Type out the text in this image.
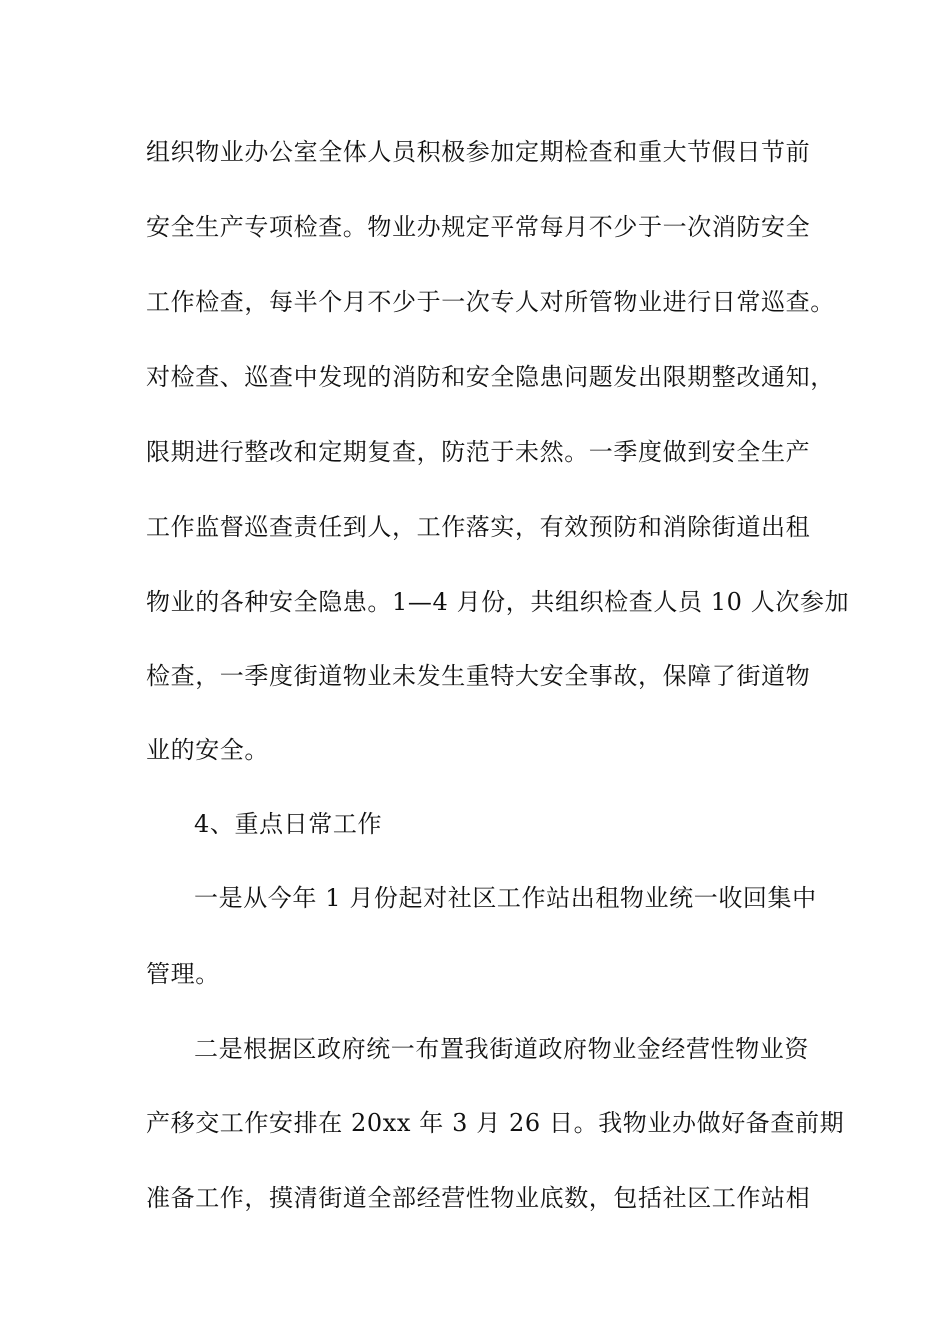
组织物业办公室全体人员积极参加定期检查和重大节假日节前
安全生产专项检查。物业办规定平常每月不少于一次消防安全
工作检查，每半个月不少于一次专人对所管物业进行日常巡查。
对检查、巡查中发现的消防和安全隐患问题发出限期整改通知，
限期进行整改和定期复查，防范于未然。一季度做到安全生产
工作监督巡查责任到人，工作落实，有效预防和消除街道出租
物业的各种安全隐患。1—4 月份，共组织检查人员 10 人次参加
检查，一季度街道物业未发生重特大安全事故，保障了街道物
业的安全。
4、重点日常工作
一是从今年 1 月份起对社区工作站出租物业统一收回集中
管理。
二是根据区政府统一布置我街道政府物业金经营性物业资
产移交工作安排在 20xx 年 3 月 26 日。我物业办做好备查前期
准备工作，摸清街道全部经营性物业底数，包括社区工作站相
